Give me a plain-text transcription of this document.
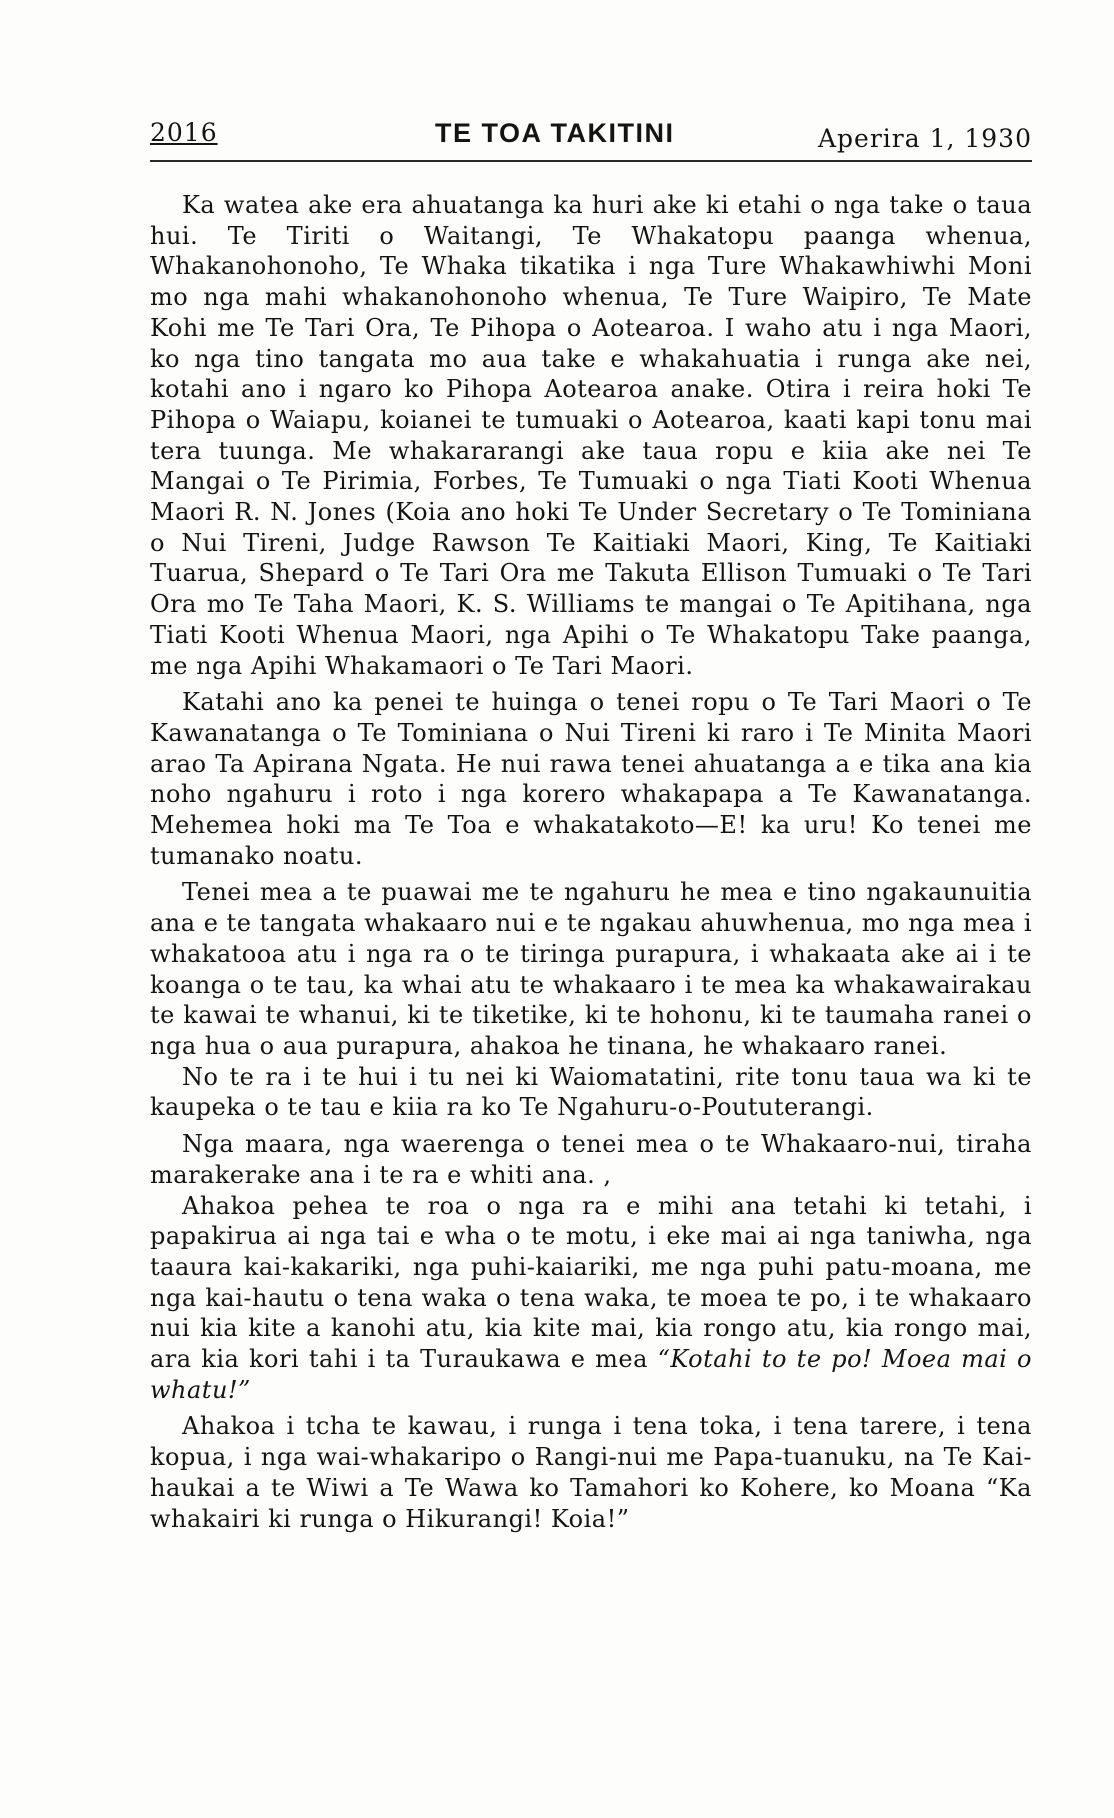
2016	TE TOA TAKITINI	Aperira 1, 1930

Ka watea ake era ahuatanga ka huri ake ki etahi o nga take o taua hui. Te Tiriti o Waitangi, Te Whakatopu paanga whenua, Whakanohonoho, Te Whaka tikatika i nga Ture Whakawhiwhi Moni mo nga mahi whakanohonoho whenua, Te Ture Waipiro, Te Mate Kohi me Te Tari Ora, Te Pihopa o Aotearoa. I waho atu i nga Maori, ko nga tino tangata mo aua take e whakahuatia i runga ake nei, kotahi ano i ngaro ko Pihopa Aotearoa anake. Otira i reira hoki Te Pihopa o Waiapu, koianei te tumuaki o Aotearoa, kaati kapi tonu mai tera tuunga. Me whakararangi ake taua ropu e kiia ake nei Te Mangai o Te Pirimia, Forbes, Te Tumuaki o nga Tiati Kooti Whenua Maori R. N. Jones (Koia ano hoki Te Under Secretary o Te Tominiana o Nui Tireni, Judge Rawson Te Kaitiaki Maori, King, Te Kaitiaki Tuarua, Shepard o Te Tari Ora me Takuta Ellison Tumuaki o Te Tari Ora mo Te Taha Maori, K. S. Williams te mangai o Te Apitihana, nga Tiati Kooti Whenua Maori, nga Apihi o Te Whakatopu Take paanga, me nga Apihi Whakamaori o Te Tari Maori.

Katahi ano ka penei te huinga o tenei ropu o Te Tari Maori o Te Kawanatanga o Te Tominiana o Nui Tireni ki raro i Te Minita Maori arao Ta Apirana Ngata. He nui rawa tenei ahuatanga a e tika ana kia noho ngahuru i roto i nga korero whakapapa a Te Kawanatanga. Mehemea hoki ma Te Toa e whakatakoto—E! ka uru! Ko tenei me tumanako noatu.

Tenei mea a te puawai me te ngahuru he mea e tino ngakaunuitia ana e te tangata whakaaro nui e te ngakau ahuwhenua, mo nga mea i whakatooa atu i nga ra o te tiringa purapura, i whakaata ake ai i te koanga o te tau, ka whai atu te whakaaro i te mea ka whakawairakau te kawai te whanui, ki te tiketike, ki te hohonu, ki te taumaha ranei o nga hua o aua purapura, ahakoa he tinana, he whakaaro ranei.

No te ra i te hui i tu nei ki Waiomatatini, rite tonu taua wa ki te kaupeka o te tau e kiia ra ko Te Ngahuru-o-Poututerangi.

Nga maara, nga waerenga o tenei mea o te Whakaaro-nui, tiraha marakerake ana i te ra e whiti ana. ,

Ahakoa pehea te roa o nga ra e mihi ana tetahi ki tetahi, i papakirua ai nga tai e wha o te motu, i eke mai ai nga taniwha, nga taaura kai-kakariki, nga puhi-kaiariki, me nga puhi patu-moana, me nga kai-hautu o tena waka o tena waka, te moea te po, i te whakaaro nui kia kite a kanohi atu, kia kite mai, kia rongo atu, kia rongo mai, ara kia kori tahi i ta Turaukawa e mea “Kotahi to te po! Moea mai o whatu!”

Ahakoa i tcha te kawau, i runga i tena toka, i tena tarere, i tena kopua, i nga wai-whakaripo o Rangi-nui me Papa-tuanuku, na Te Kai-haukai a te Wiwi a Te Wawa ko Tamahori ko Kohere, ko Moana “Ka whakairi ki runga o Hikurangi! Koia!”
